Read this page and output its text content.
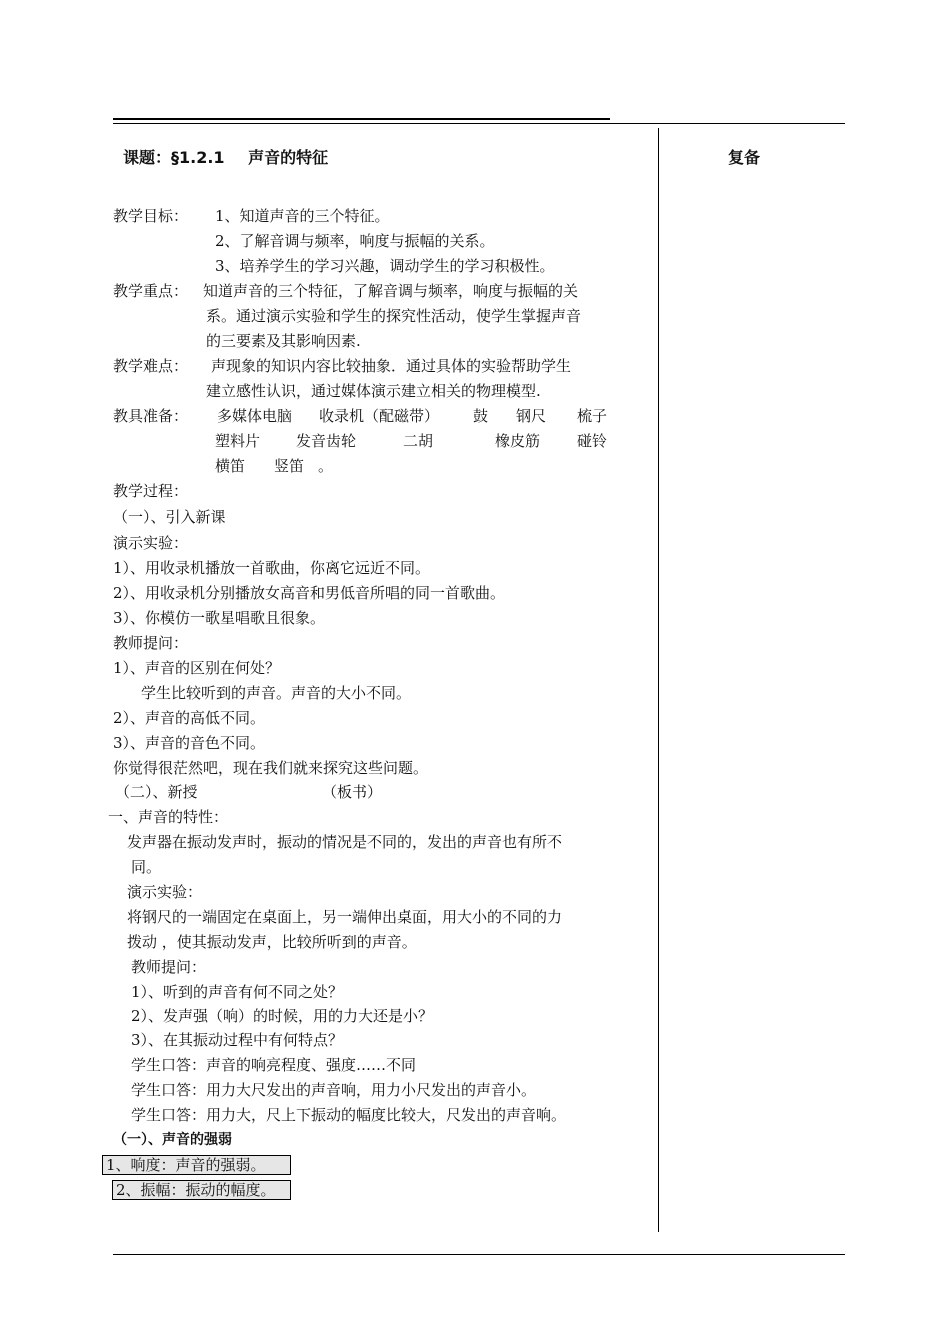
课题：§1.2.1 声音的特征	复备
教学目标： 1、知道声音的三个特征。
2、了解音调与频率，响度与振幅的关系。
3、培养学生的学习兴趣，调动学生的学习积极性。
教学重点： 知道声音的三个特征，了解音调与频率，响度与振幅的关
系。通过演示实验和学生的探究性活动，使学生掌握声音
的三要素及其影响因素.
教学难点： 声现象的知识内容比较抽象．通过具体的实验帮助学生
建立感性认识，通过媒体演示建立相关的物理模型.
教具准备： 多媒体电脑 收录机（配磁带） 鼓 钢尺 梳子
塑料片 发音齿轮	二胡	橡皮筋 碰铃
横笛 竖笛 。
教学过程：
（一）、引入新课
演示实验：
1）、用收录机播放一首歌曲，你离它远近不同。
2）、用收录机分别播放女高音和男低音所唱的同一首歌曲。
3）、你模仿一歌星唱歌且很象。
教师提问：
1）、声音的区别在何处？
学生比较听到的声音。声音的大小不同。
2）、声音的高低不同。
3）、声音的音色不同。
你觉得很茫然吧，现在我们就来探究这些问题。
（二）、新授	（板书）
一、声音的特性：
发声器在振动发声时，振动的情况是不同的，发出的声音也有所不
同。
演示实验：
将钢尺的一端固定在桌面上，另一端伸出桌面，用大小的不同的力
拨动 ，使其振动发声，比较所听到的声音。
教师提问：
1）、听到的声音有何不同之处？
2）、发声强（响）的时候，用的力大还是小？
3）、在其振动过程中有何特点？
学生口答：声音的响亮程度、强度……不同
学生口答：用力大尺发出的声音响，用力小尺发出的声音小。
学生口答：用力大，尺上下振动的幅度比较大，尺发出的声音响。
（一）、声音的强弱
1、响度：声音的强弱。
2、振幅：振动的幅度。
